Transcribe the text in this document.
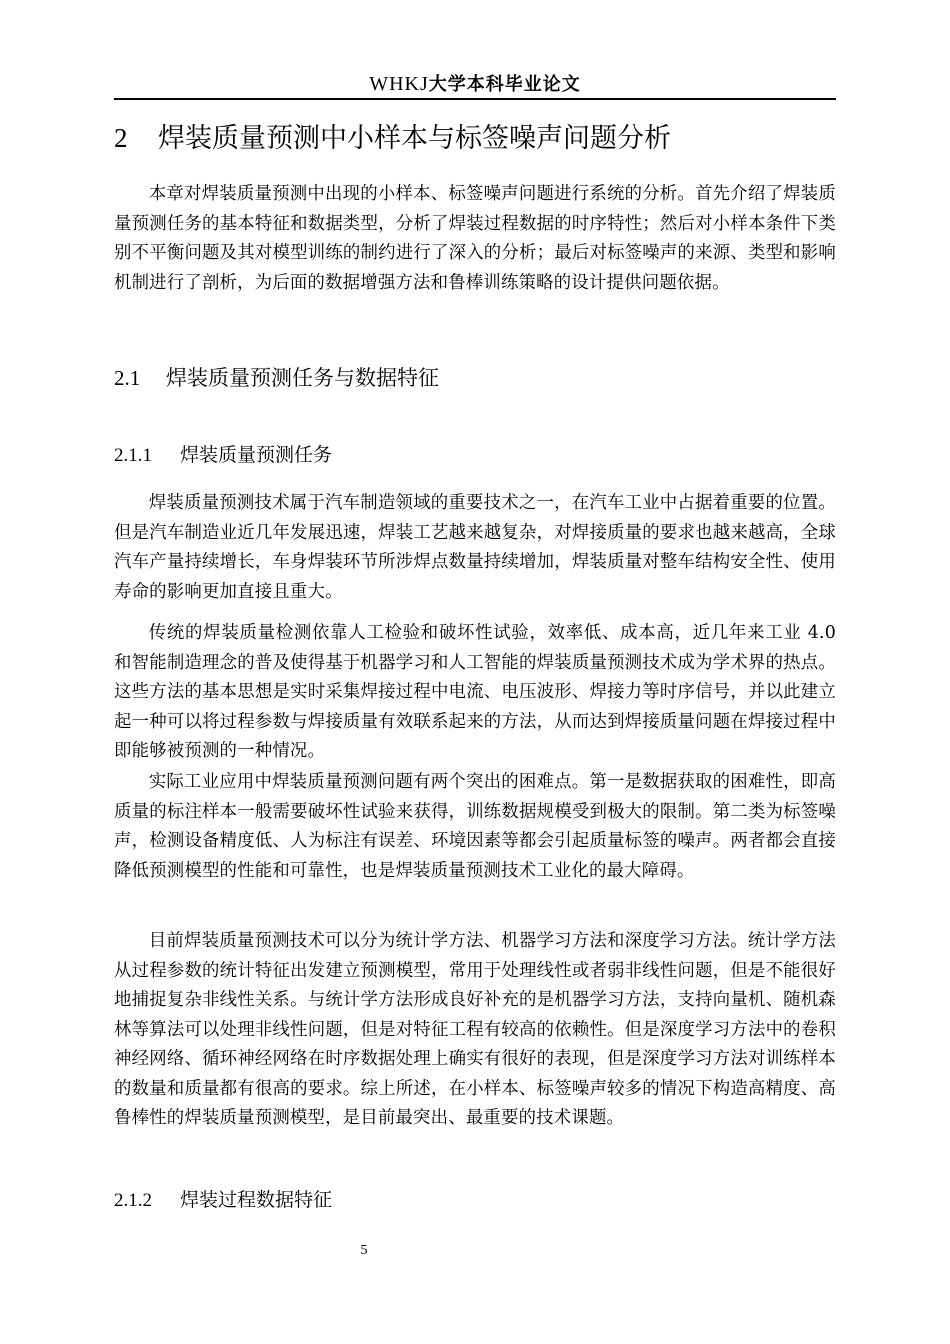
WHKJ大学本科毕业论文
2 焊装质量预测中小样本与标签噪声问题分析

本章对焊装质量预测中出现的小样本、标签噪声问题进行系统的分析。首先介绍了焊装质量预测任务的基本特征和数据类型，分析了焊装过程数据的时序特性；然后对小样本条件下类别不平衡问题及其对模型训练的制约进行了深入的分析；最后对标签噪声的来源、类型和影响机制进行了剖析，为后面的数据增强方法和鲁棒训练策略的设计提供问题依据。

2.1 焊装质量预测任务与数据特征
2.1.1 焊装质量预测任务

焊装质量预测技术属于汽车制造领域的重要技术之一，在汽车工业中占据着重要的位置。但是汽车制造业近几年发展迅速，焊装工艺越来越复杂，对焊接质量的要求也越来越高，全球汽车产量持续增长，车身焊装环节所涉焊点数量持续增加，焊装质量对整车结构安全性、使用寿命的影响更加直接且重大。

传统的焊装质量检测依靠人工检验和破坏性试验，效率低、成本高，近几年来工业 4.0 和智能制造理念的普及使得基于机器学习和人工智能的焊装质量预测技术成为学术界的热点。这些方法的基本思想是实时采集焊接过程中电流、电压波形、焊接力等时序信号，并以此建立起一种可以将过程参数与焊接质量有效联系起来的方法，从而达到焊接质量问题在焊接过程中即能够被预测的一种情况。

实际工业应用中焊装质量预测问题有两个突出的困难点。第一是数据获取的困难性，即高质量的标注样本一般需要破坏性试验来获得，训练数据规模受到极大的限制。第二类为标签噪声，检测设备精度低、人为标注有误差、环境因素等都会引起质量标签的噪声。两者都会直接降低预测模型的性能和可靠性，也是焊装质量预测技术工业化的最大障碍。

目前焊装质量预测技术可以分为统计学方法、机器学习方法和深度学习方法。统计学方法从过程参数的统计特征出发建立预测模型，常用于处理线性或者弱非线性问题，但是不能很好地捕捉复杂非线性关系。与统计学方法形成良好补充的是机器学习方法，支持向量机、随机森林等算法可以处理非线性问题，但是对特征工程有较高的依赖性。但是深度学习方法中的卷积神经网络、循环神经网络在时序数据处理上确实有很好的表现，但是深度学习方法对训练样本的数量和质量都有很高的要求。综上所述，在小样本、标签噪声较多的情况下构造高精度、高鲁棒性的焊装质量预测模型，是目前最突出、最重要的技术课题。

2.1.2 焊装过程数据特征
5
